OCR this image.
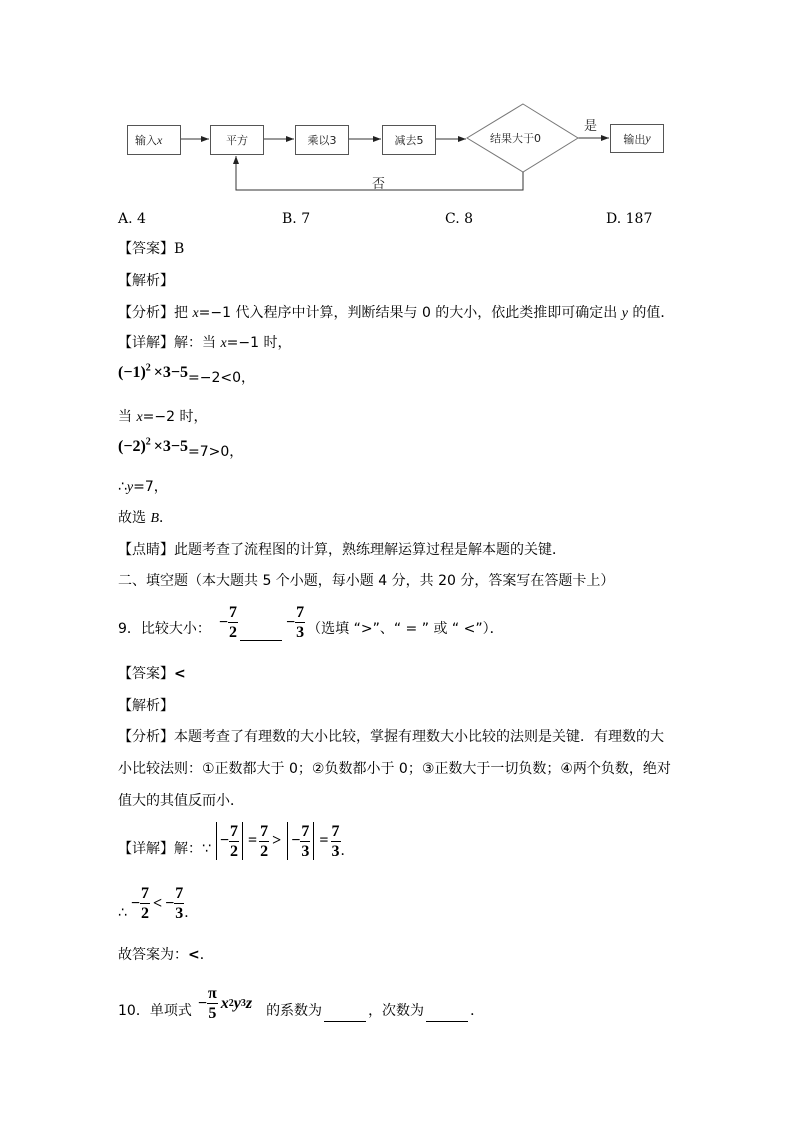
输入 x	平方	乘以3	减去5	结果大于0	输出 y
是
否
A. 4	B. 7	C. 8	D. 187
【答案】B
【解析】
【分析】把 x=−1 代入程序中计算，判断结果与 0 的大小，依此类推即可确定出 y 的值．
【详解】解：当 x=−1 时，
$(-1)^2 \times 3-5=-2<0$，
当 x=−2 时，
$(-2)^2 \times 3-5=7>0$，
∴y=7，
故选 B．
【点睛】此题考查了流程图的计算，熟练理解运算过程是解本题的关键．
二、填空题（本大题共 5 个小题，每小题 4 分，共 20 分，答案写在答题卡上）
9． 比较大小： − $\frac{7}{2}$	− $\frac{7}{3}$ （选填 “>”、“ = ” 或 “ <”）．
【答案】<
【解析】
【分析】本题考查了有理数的大小比较，掌握有理数大小比较的法则是关键．有理数的大
小比较法则：①正数都大于 0；②负数都小于 0；③正数大于一切负数；④两个负数，绝对
值大的其值反而小．
【详解】 解： ∵ − $\frac{7}{2} = \frac{7}{2}$ > − $\frac{7}{3} = \frac{7}{3}$ ．
∴
− $\frac{7}{2}$ < − $\frac{7}{3}$ ．
故答案为：<．
10． 单项式 − $\frac{\pi}{5}$ x 2 y 3 z 的系数为	，次数为	．
